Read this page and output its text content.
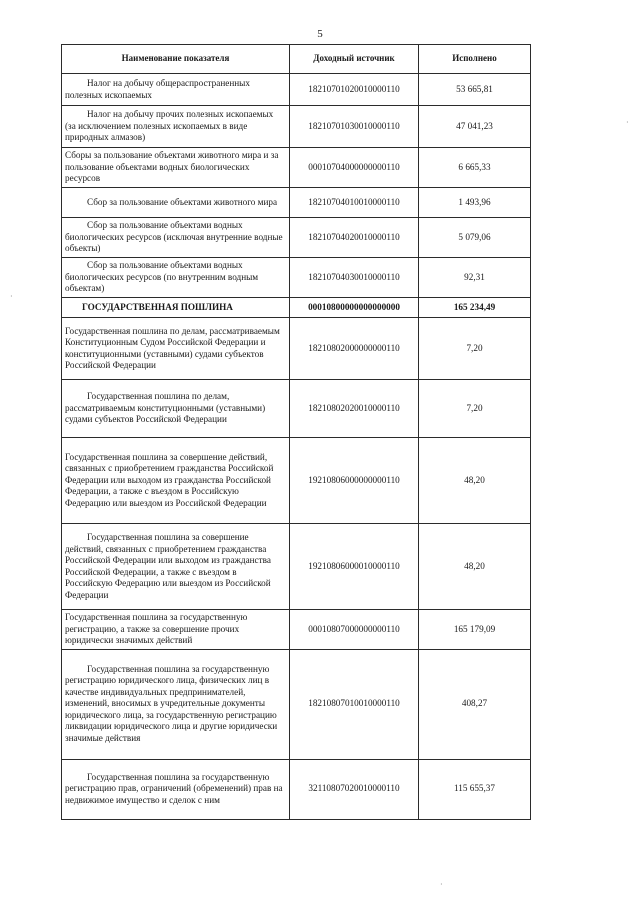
5
Наименование показателя	Доходный источник	Исполнено
Налог на добычу общераспространенных полезных ископаемых	18210701020010000110	53 665,81
Налог на добычу прочих полезных ископаемых (за исключением полезных ископаемых в виде природных алмазов)	18210701030010000110	47 041,23
Сборы за пользование объектами животного мира и за пользование объектами водных биологических ресурсов	00010704000000000110	6 665,33
Сбор за пользование объектами животного мира	18210704010010000110	1 493,96
Сбор за пользование объектами водных биологических ресурсов (исключая внутренние водные объекты)	18210704020010000110	5 079,06
Сбор за пользование объектами водных биологических ресурсов (по внутренним водным объектам)	18210704030010000110	92,31
ГОСУДАРСТВЕННАЯ ПОШЛИНА	00010800000000000000	165 234,49
Государственная пошлина по делам, рассматриваемым Конституционным Судом Российской Федерации и конституционными (уставными) судами субъектов Российской Федерации	18210802000000000110	7,20
Государственная пошлина по делам, рассматриваемым конституционными (уставными) судами субъектов Российской Федерации	18210802020010000110	7,20
Государственная пошлина за совершение действий, связанных с приобретением гражданства Российской Федерации или выходом из гражданства Российской Федерации, а также с въездом в Российскую Федерацию или выездом из Российской Федерации	19210806000000000110	48,20
Государственная пошлина за совершение действий, связанных с приобретением гражданства Российской Федерации или выходом из гражданства Российской Федерации, а также с въездом в Российскую Федерацию или выездом из Российской Федерации	19210806000010000110	48,20
Государственная пошлина за государственную регистрацию, а также за совершение прочих юридически значимых действий	00010807000000000110	165 179,09
Государственная пошлина за государственную регистрацию юридического лица, физических лиц в качестве индивидуальных предпринимателей, изменений, вносимых в учредительные документы юридического лица, за государственную регистрацию ликвидации юридического лица и другие юридически значимые действия	18210807010010000110	408,27
Государственная пошлина за государственную регистрацию прав, ограничений (обременений) прав на недвижимое имущество и сделок с ним	32110807020010000110	115 655,37
·
·
·
